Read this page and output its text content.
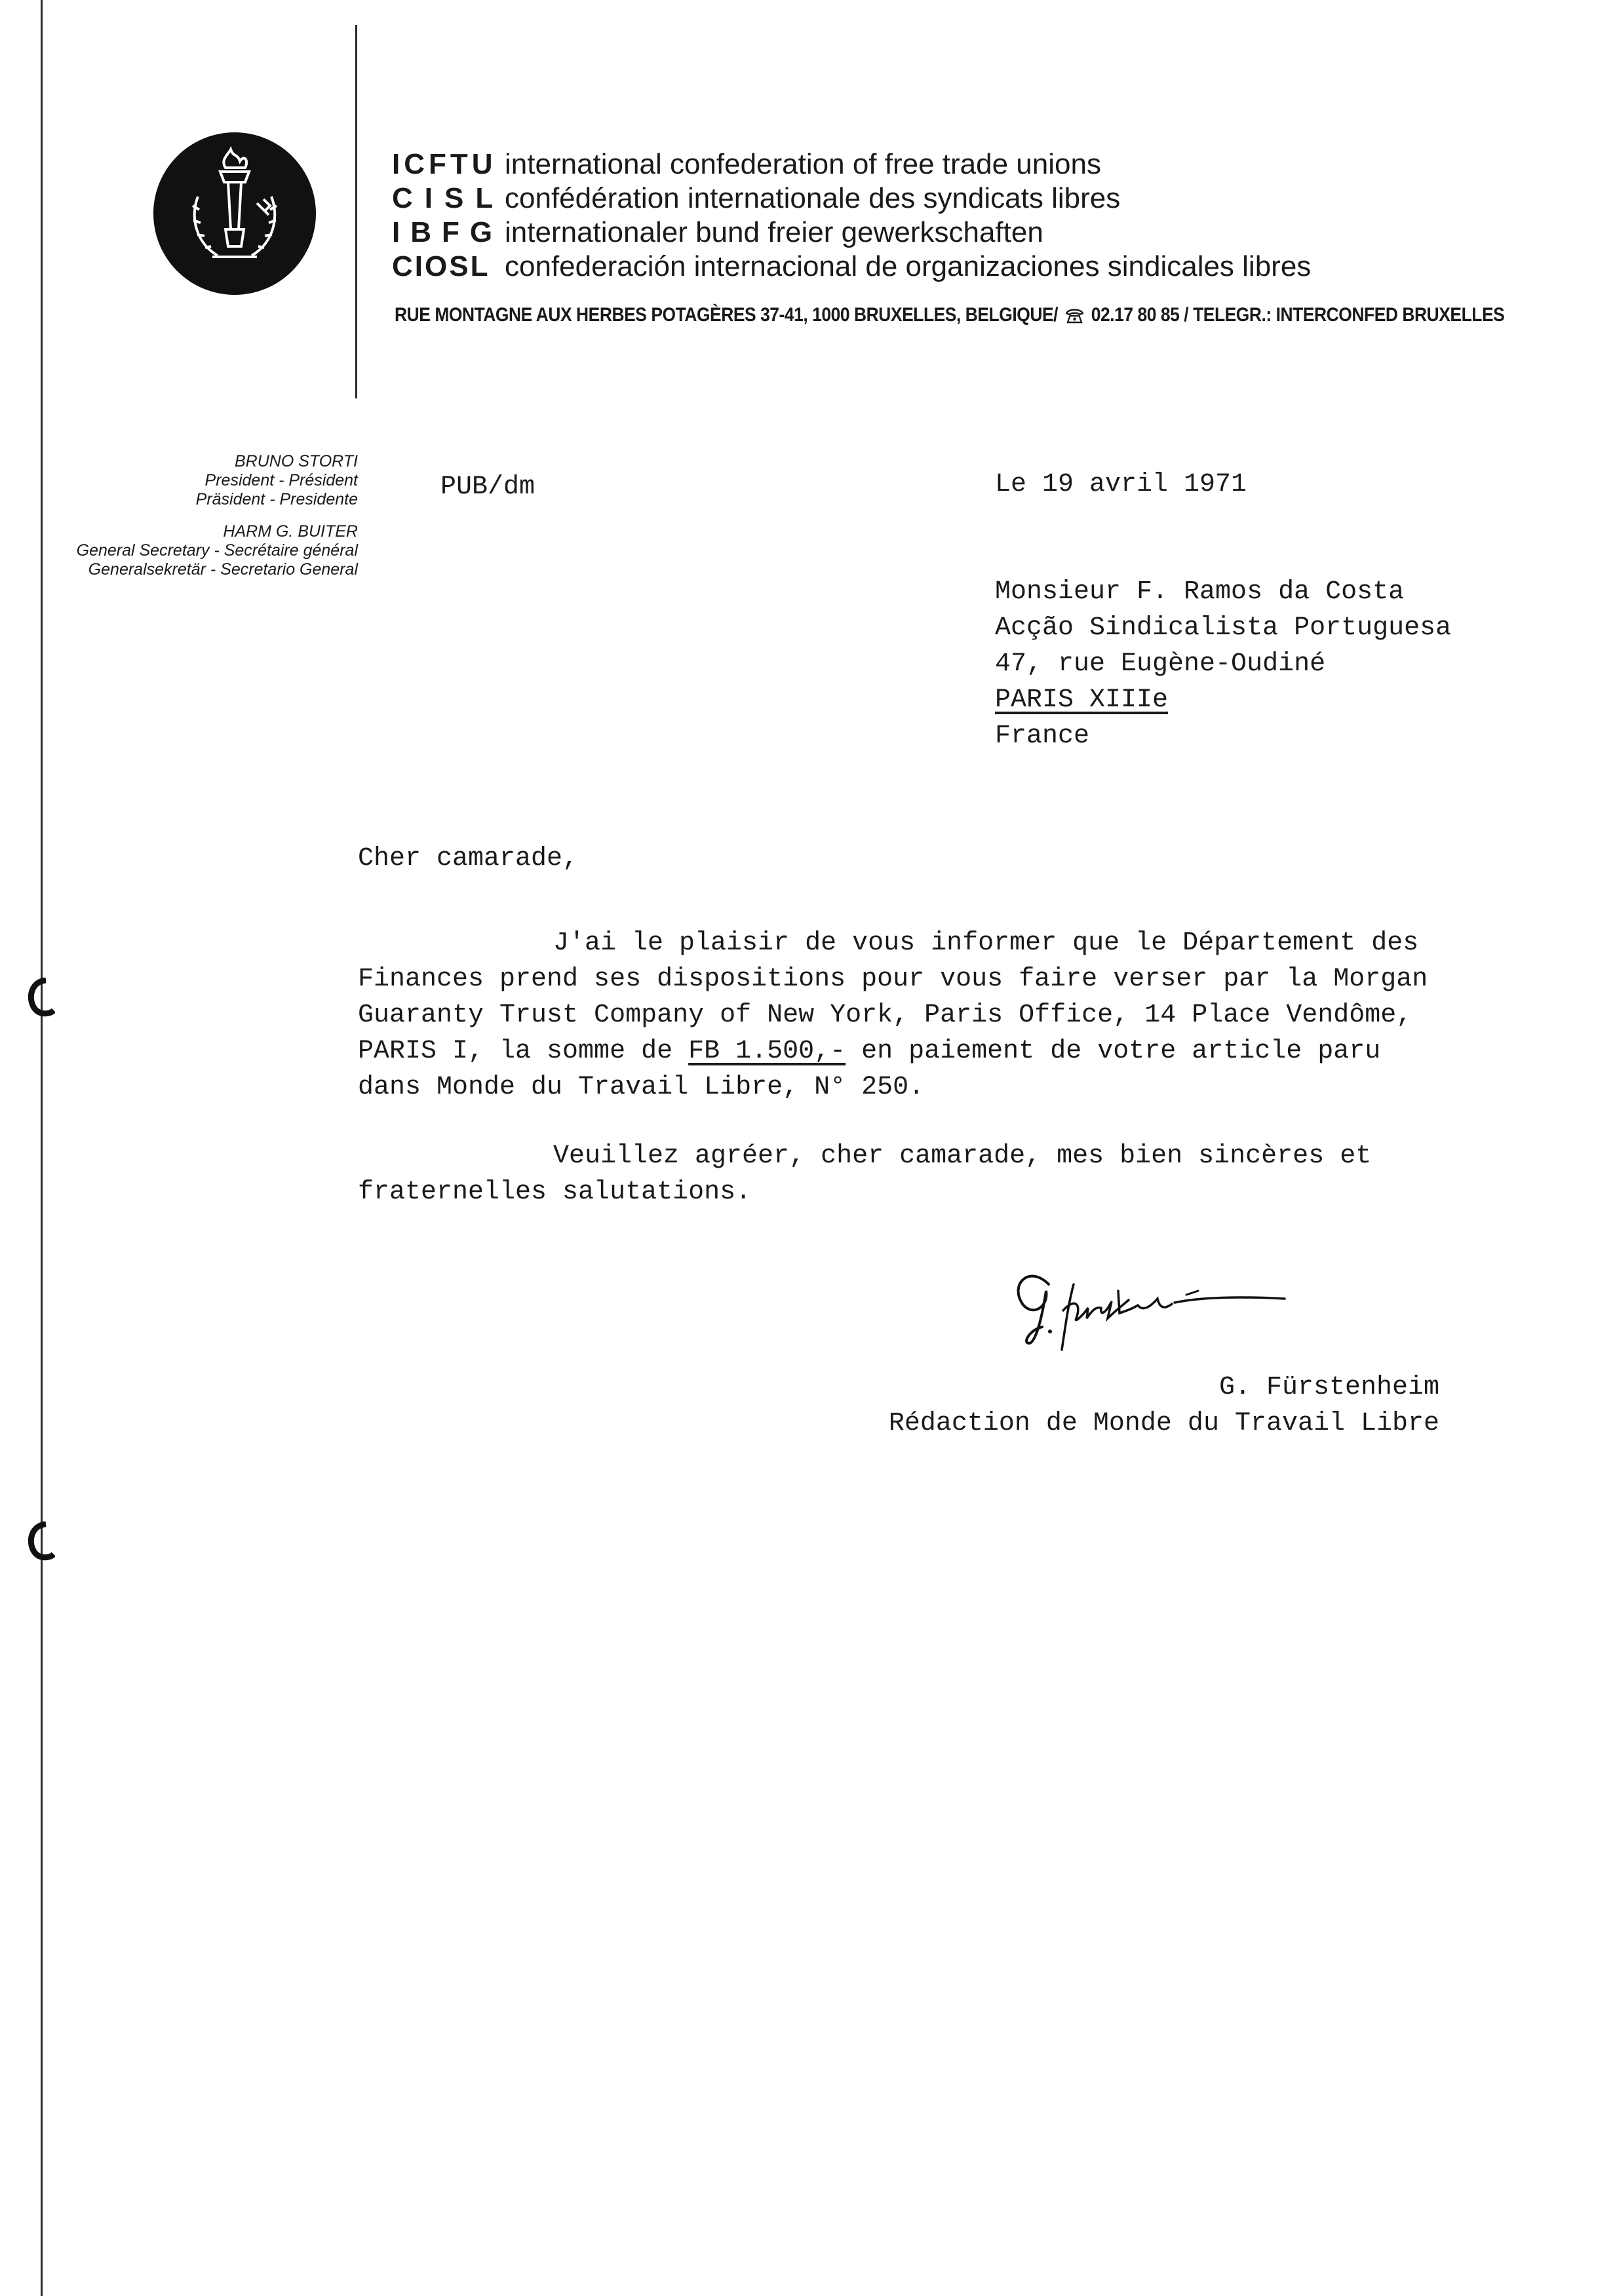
ICFTU international confederation of free trade unions
CISLconfédération internationale des syndicats libres
IBFGinternationaler bund freier gewerkschaften
CIOSL confederación internacional de organizaciones sindicales libres
RUE MONTAGNE AUX HERBES POTAGÈRES 37-41, 1000 BRUXELLES, BELGIQUE/ 02.17 80 85 / TELEGR.: INTERCONFED BRUXELLES
BRUNO STORTI
President - Président
Präsident - Presidente
HARM G. BUITER
General Secretary - Secrétaire général
Generalsekretär - Secretario General
PUB/dm	Le 19 avril 1971
Monsieur F. Ramos da Costa
Acção Sindicalista Portuguesa
47, rue Eugène-Oudiné
PARIS XIIIe
France
Cher camarade,
J'ai le plaisir de vous informer que le Département des
Finances prend ses dispositions pour vous faire verser par la Morgan
Guaranty Trust Company of New York, Paris Office, 14 Place Vendôme,
PARIS I, la somme de FB 1.500,- en paiement de votre article paru
dans Monde du Travail Libre, N° 250.
Veuillez agréer, cher camarade, mes bien sincères et
fraternelles salutations.
G. Fürstenheim
Rédaction de Monde du Travail Libre
